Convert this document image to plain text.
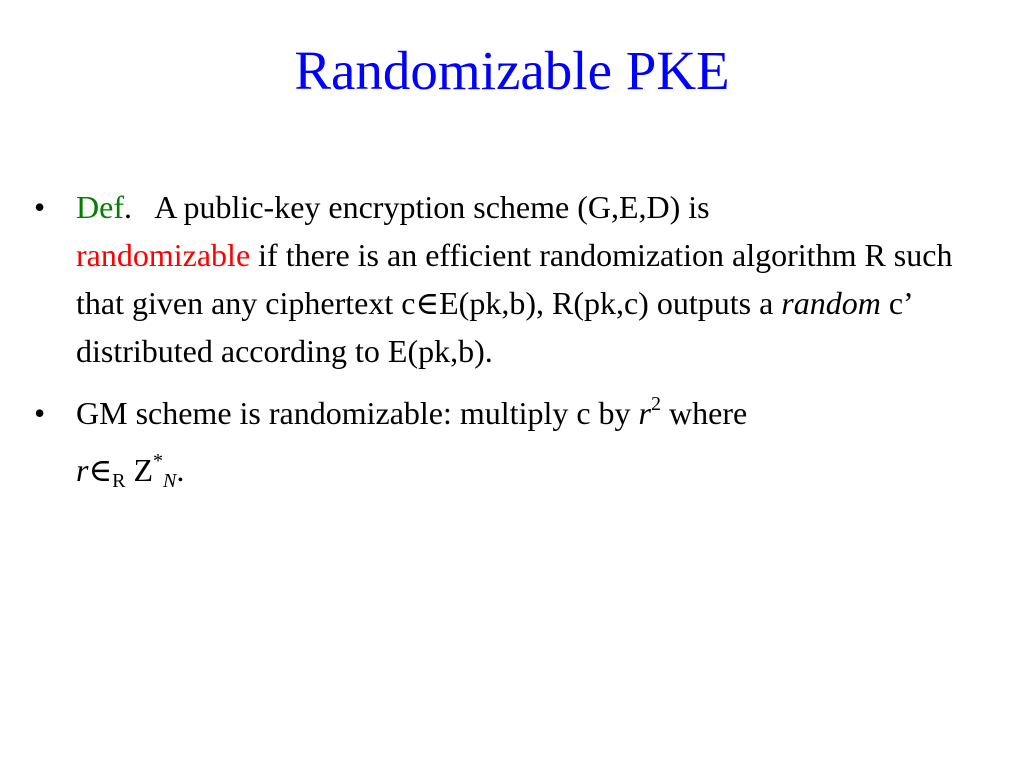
Randomizable PKE
• Def. A public-key encryption scheme (G,E,D) is
randomizable if there is an efficient randomization algorithm R such that given any ciphertext c∈E(pk,b), R(pk,c) outputs a random c’ distributed according to E(pk,b).
• GM scheme is randomizable: multiply c by $r^2$ where
$r\in_R$ $Z^*_N$.
